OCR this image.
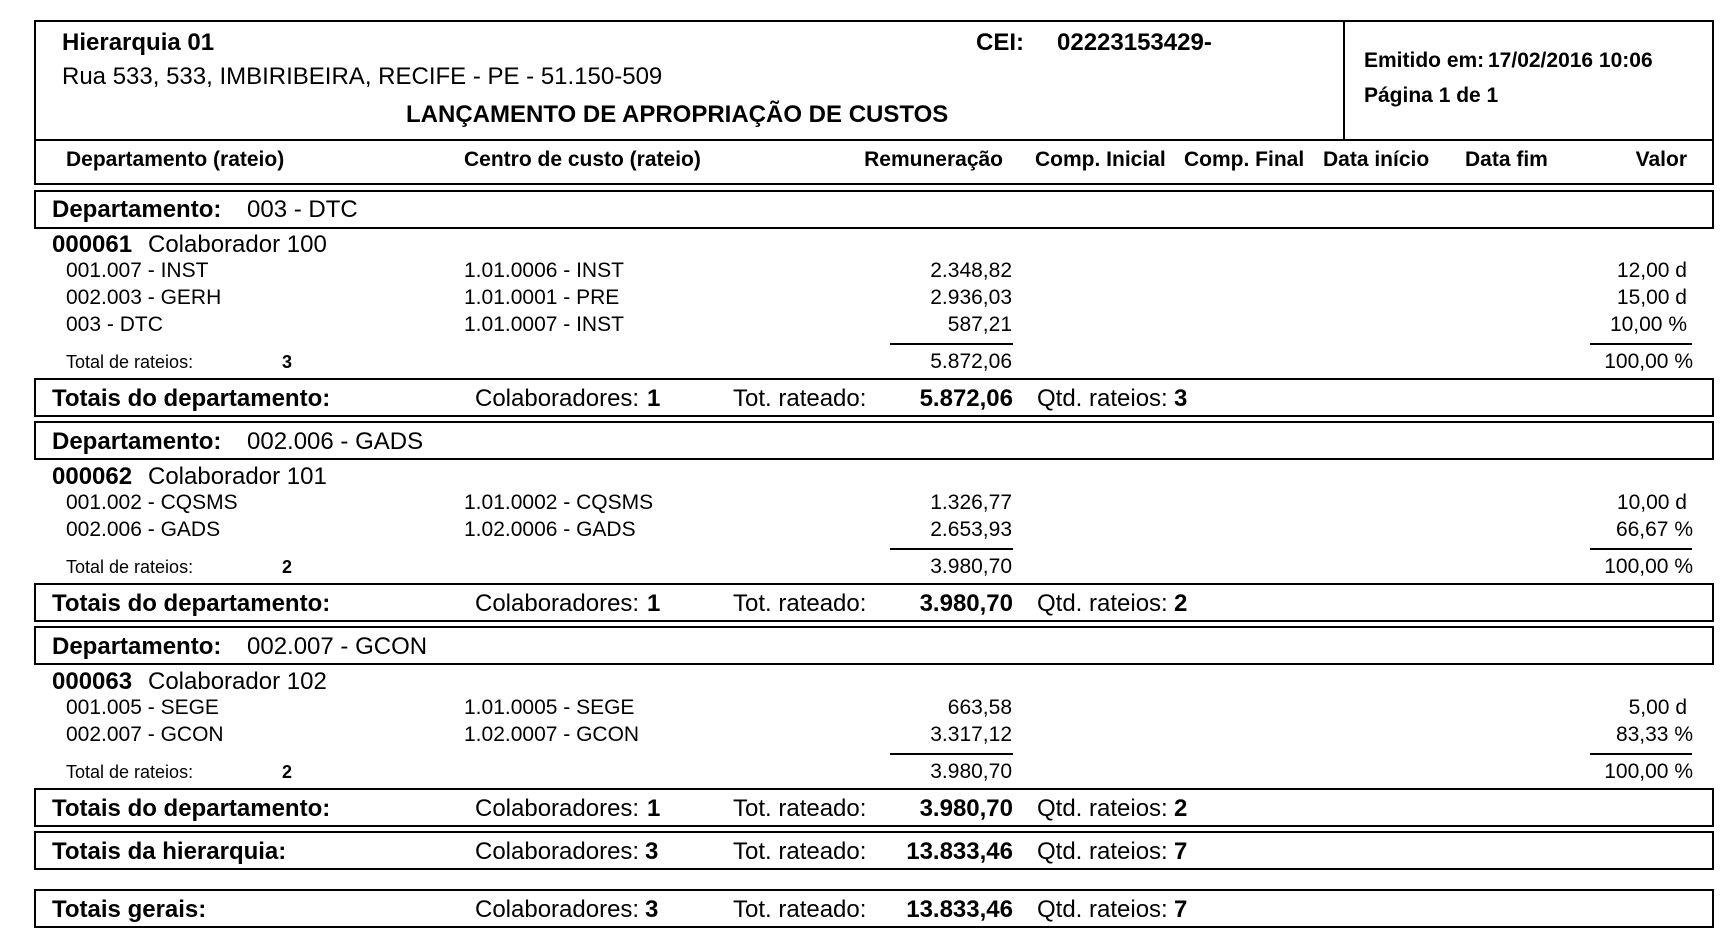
Hierarquia 01
Rua 533, 533, IMBIRIBEIRA, RECIFE - PE - 51.150-509
CEI: 02223153429-
LANÇAMENTO DE APROPRIAÇÃO DE CUSTOS
Emitido em: 17/02/2016 10:06
Página 1 de 1
Departamento (rateio)	Centro de custo (rateio)	Remuneração Comp. Inicial Comp. Final Data início Data fim	Valor
Departamento: 003 - DTC
000061 Colaborador 100
001.007 - INST	1.01.0006 - INST	2.348,82	12,00 d
002.003 - GERH	1.01.0001 - PRE	2.936,03	15,00 d
003 - DTC	1.01.0007 - INST	587,21	10,00 %
Total de rateios:	3	5.872,06	100,00 %
Totais do departamento:	Colaboradores: 1	Tot. rateado:	5.872,06 Qtd. rateios: 3
Departamento: 002.006 - GADS
000062 Colaborador 101
001.002 - CQSMS	1.01.0002 - CQSMS	1.326,77	10,00 d
002.006 - GADS	1.02.0006 - GADS	2.653,93	66,67 %
Total de rateios:	2	3.980,70	100,00 %
Totais do departamento:	Colaboradores: 1	Tot. rateado:	3.980,70 Qtd. rateios: 2
Departamento: 002.007 - GCON
000063 Colaborador 102
001.005 - SEGE	1.01.0005 - SEGE	663,58	5,00 d
002.007 - GCON	1.02.0007 - GCON	3.317,12	83,33 %
Total de rateios:	2	3.980,70	100,00 %
Totais do departamento:	Colaboradores: 1	Tot. rateado:	3.980,70 Qtd. rateios: 2
Totais da hierarquia:	Colaboradores: 3	Tot. rateado:	13.833,46 Qtd. rateios: 7
Totais gerais:	Colaboradores: 3	Tot. rateado:	13.833,46 Qtd. rateios: 7
